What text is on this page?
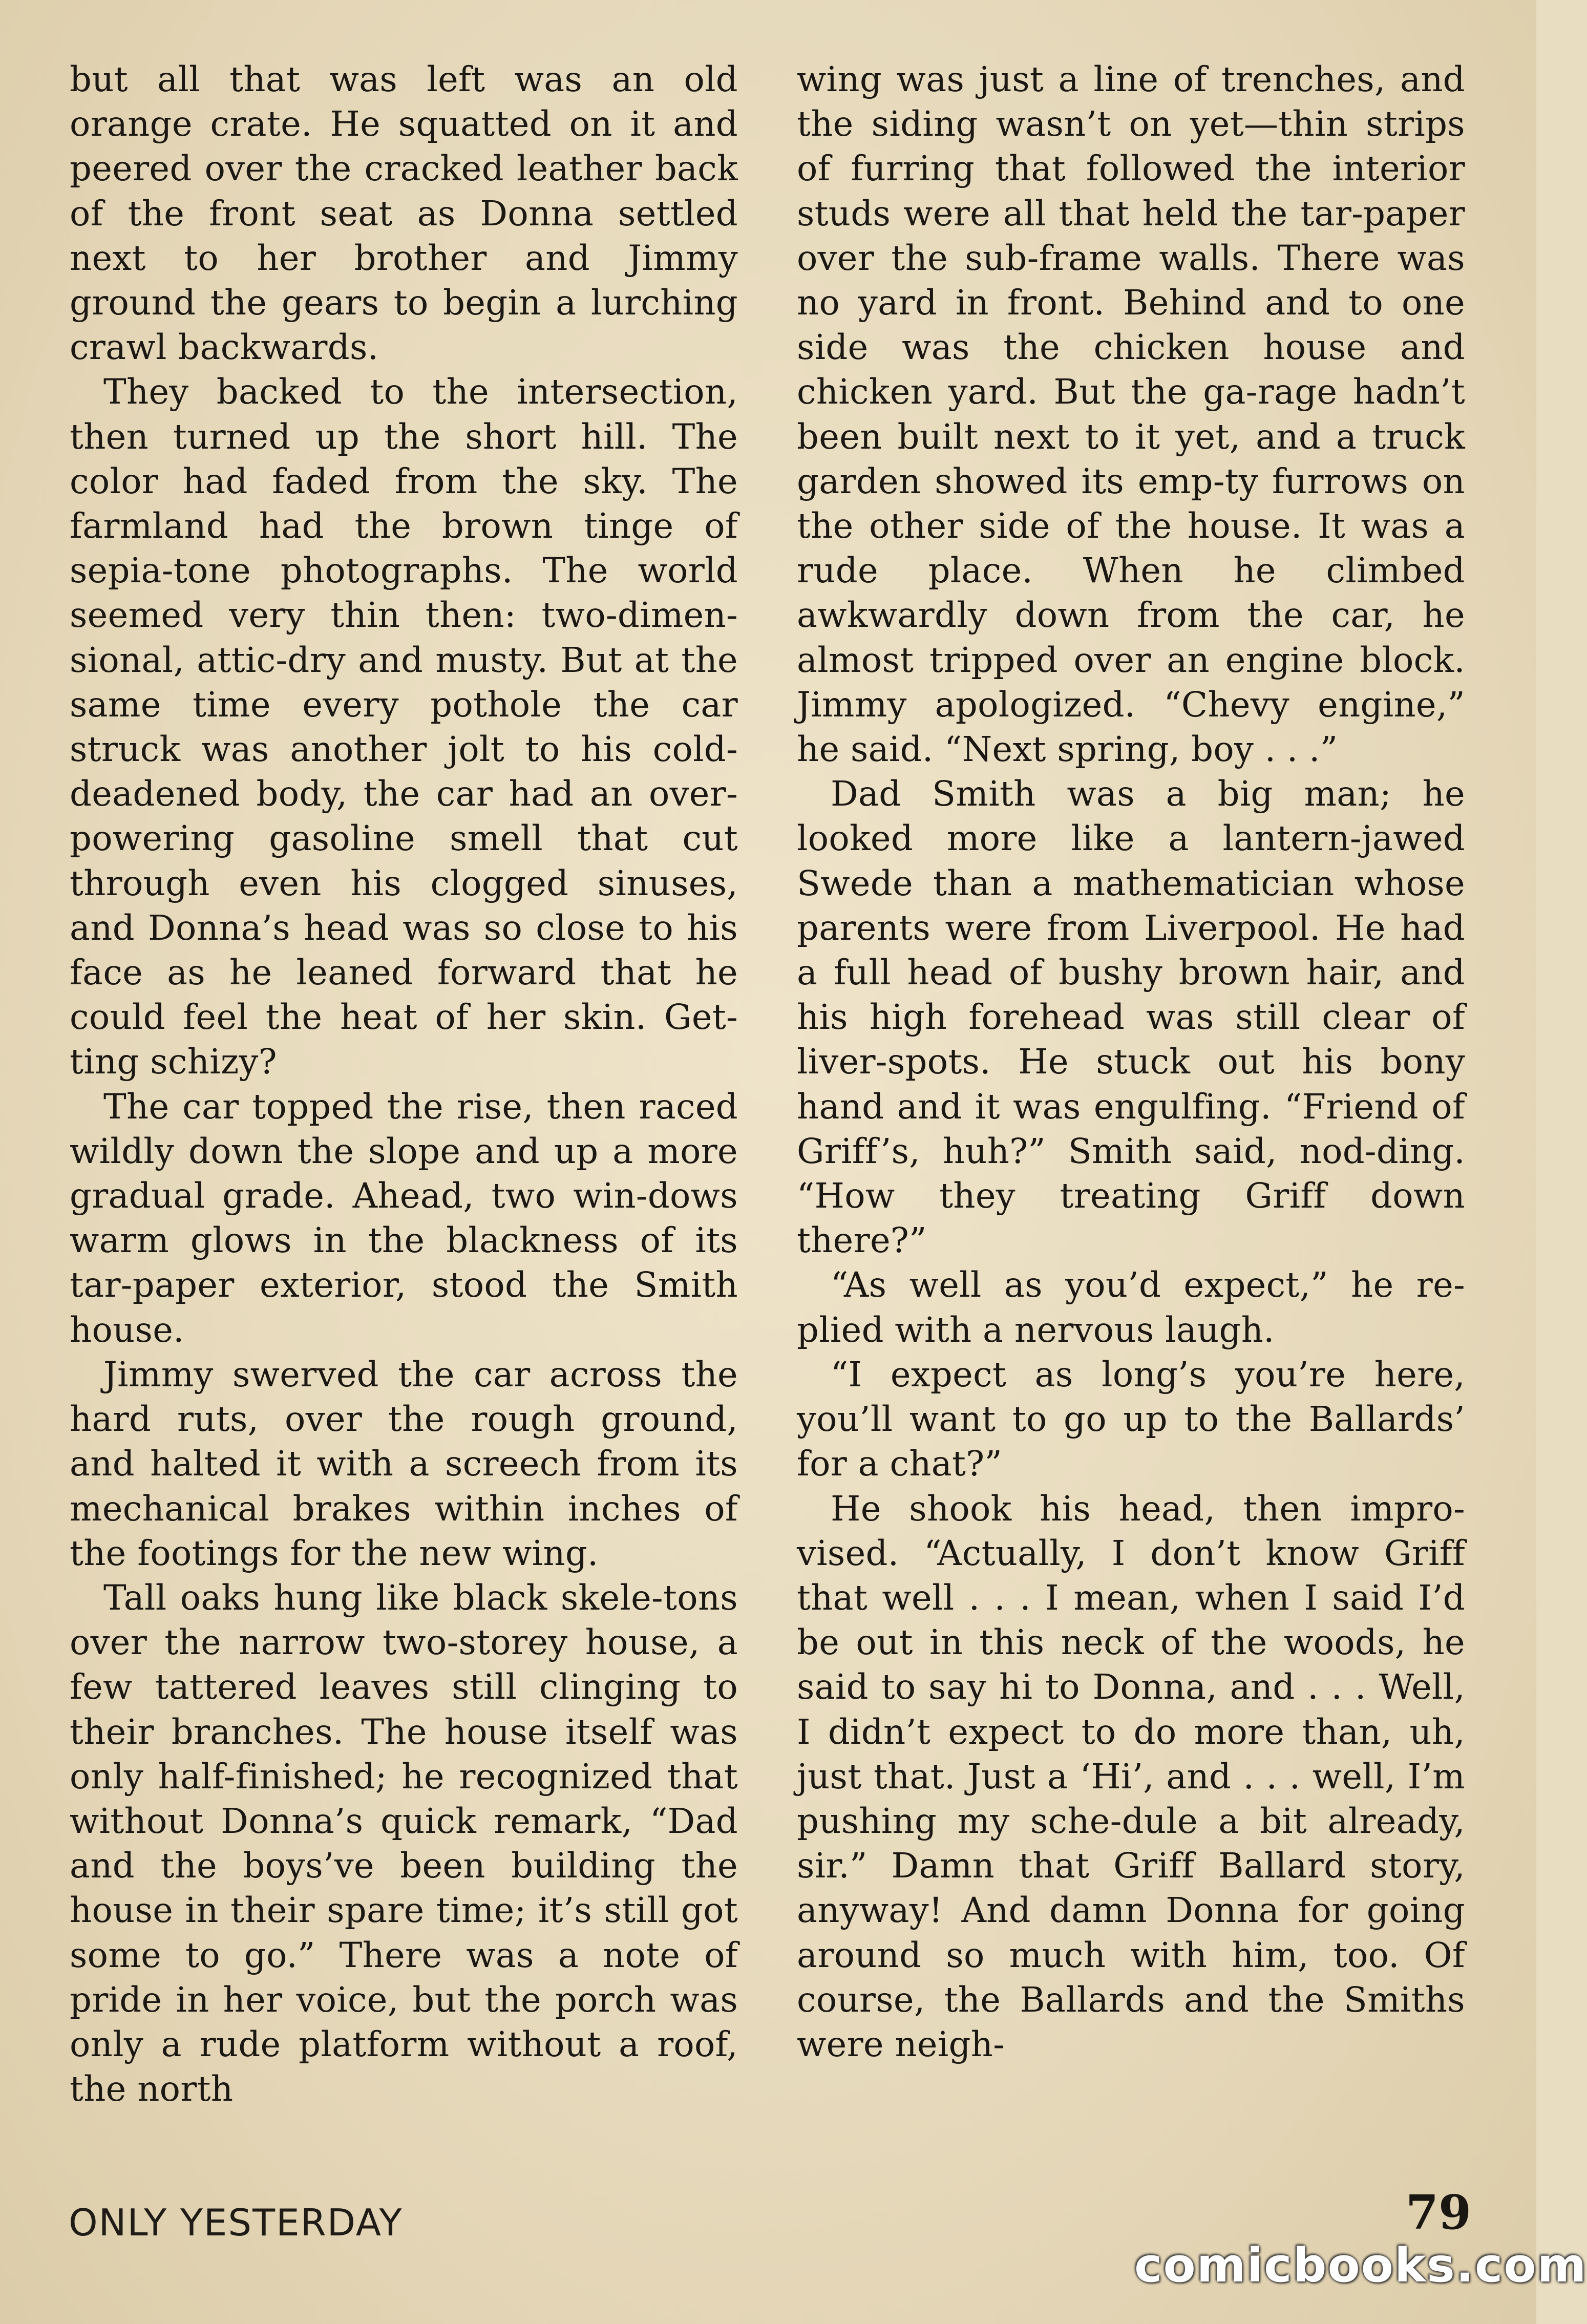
but all that was left was an old orange crate. He squatted on it and peered over the cracked leather back of the front seat as Donna settled next to her brother and Jimmy ground the gears to begin a lurching crawl backwards.

They backed to the intersection, then turned up the short hill. The color had faded from the sky. The farmland had the brown tinge of sepia-tone photographs. The world seemed very thin then: two-dimen-sional, attic-dry and musty. But at the same time every pothole the car struck was another jolt to his cold-deadened body, the car had an over-powering gasoline smell that cut through even his clogged sinuses, and Donna’s head was so close to his face as he leaned forward that he could feel the heat of her skin. Get-ting schizy?

The car topped the rise, then raced wildly down the slope and up a more gradual grade. Ahead, two win-dows warm glows in the blackness of its tar-paper exterior, stood the Smith house.

Jimmy swerved the car across the hard ruts, over the rough ground, and halted it with a screech from its mechanical brakes within inches of the footings for the new wing.

Tall oaks hung like black skele-tons over the narrow two-storey house, a few tattered leaves still clinging to their branches. The house itself was only half-finished; he recognized that without Donna’s quick remark, “Dad and the boys’ve been building the house in their spare time; it’s still got some to go.” There was a note of pride in her voice, but the porch was only a rude platform without a roof, the north

wing was just a line of trenches, and the siding wasn’t on yet—thin strips of furring that followed the interior studs were all that held the tar-paper over the sub-frame walls. There was no yard in front. Behind and to one side was the chicken house and chicken yard. But the ga-rage hadn’t been built next to it yet, and a truck garden showed its emp-ty furrows on the other side of the house. It was a rude place. When he climbed awkwardly down from the car, he almost tripped over an engine block. Jimmy apologized. “Chevy engine,” he said. “Next spring, boy . . .”

Dad Smith was a big man; he looked more like a lantern-jawed Swede than a mathematician whose parents were from Liverpool. He had a full head of bushy brown hair, and his high forehead was still clear of liver-spots. He stuck out his bony hand and it was engulfing. “Friend of Griff’s, huh?” Smith said, nod-ding. “How they treating Griff down there?”

“As well as you’d expect,” he re-plied with a nervous laugh.

“I expect as long’s you’re here, you’ll want to go up to the Ballards’ for a chat?”

He shook his head, then impro-vised. “Actually, I don’t know Griff that well . . . I mean, when I said I’d be out in this neck of the woods, he said to say hi to Donna, and . . . Well, I didn’t expect to do more than, uh, just that. Just a ‘Hi’, and . . . well, I’m pushing my sche-dule a bit already, sir.” Damn that Griff Ballard story, anyway! And damn Donna for going around so much with him, too. Of course, the Ballards and the Smiths were neigh-

ONLY YESTERDAY	79
comicbooks.com
